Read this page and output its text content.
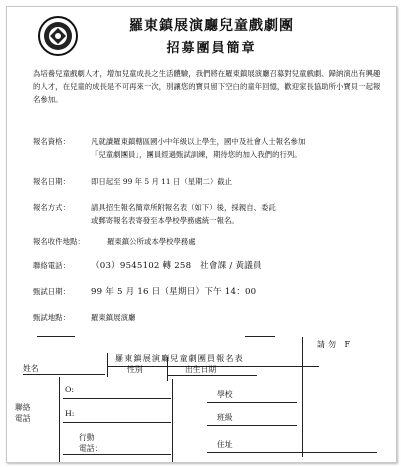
羅東鎮展演廳兒童戲劇團
招募團員簡章
為培養兒童戲劇人才，增加兒童成長之生活體驗，我們將在羅東鎮展演廳召募對兒童戲劇、歸納演出有興趣的人才，在兒童的成長是不可再來一次，別讓您的寶貝留下空白的童年回憶，歡迎家長協助所小寶貝一起報名參加。
報名資格：	凡就讀羅東鎮轄區國小中年級以上學生，國中及社會人士報名參加
「兒童劇團員」，團員經過甄試訓練，期待您的加入我們的行列。
報名日期：	即日起至 99 年 5 月 11 日（星期二）截止
報名方式：	請具招生報名簡章所附報名表（如下）後，採親自、委託
或郵寄報名表寄發至本學校學務處統一報名。
報名收件地點：	羅東鎮公所或本學校學務處
聯絡電話： （03）9545102 轉 258　社會課 / 黃議員
甄試日期： 99 年 5 月 16 日（星期日）下午 14：00
甄試地點：	羅東鎮展演廳
請勿 F
羅東鎮展演廳兒童劇團員報名表
姓名	性別	出生日期
聯絡
電話
O:
H:
行動
電話：
學校
班級
住址
